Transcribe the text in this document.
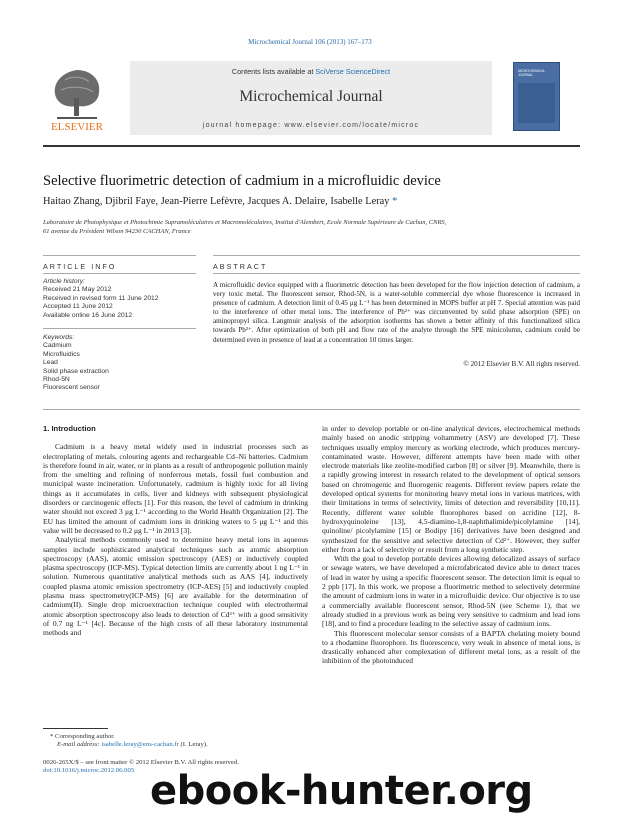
Microchemical Journal 106 (2013) 167–173
ELSEVIER
Contents lists available at SciVerse ScienceDirect
Microchemical Journal
journal homepage: www.elsevier.com/locate/microc
MICROCHEMICAL JOURNAL
Selective fluorimetric detection of cadmium in a microfluidic device
Haitao Zhang, Djibril Faye, Jean-Pierre Lefèvre, Jacques A. Delaire, Isabelle Leray *
Laboratoire de Photophysique et Photochimie Supramoléculaires et Macromoléculaires, Institut d'Alembert, Ecole Normale Supérieure de Cachan, CNRS,
61 avenue du Président Wilson 94230 CACHAN, France
ARTICLE INFO
Article history:
Received 21 May 2012
Received in revised form 11 June 2012
Accepted 11 June 2012
Available online 16 June 2012
Keywords:
Cadmium
Microfluidics
Lead
Solid phase extraction
Rhod-5N
Fluorescent sensor
ABSTRACT
A microfluidic device equipped with a fluorimetric detection has been developed for the flow injection detection of cadmium, a very toxic metal. The fluorescent sensor, Rhod-5N, is a water-soluble commercial dye whose fluorescence is increased in presence of cadmium. A detection limit of 0.45 μg L⁻¹ has been determined in MOPS buffer at pH 7. Special attention was paid to the interference of other metal ions. The interference of Pb²⁺ was circumvented by solid phase adsorption (SPE) on aminopropyl silica. Langmuir analysis of the adsorption isotherms has shown a better affinity of this functionalized silica towards Pb²⁺. After optimization of both pH and flow rate of the analyte through the SPE minicolumn, cadmium could be determined even in presence of lead at a concentration 10 times larger.
© 2012 Elsevier B.V. All rights reserved.
1. Introduction

Cadmium is a heavy metal widely used in industrial processes such as electroplating of metals, colouring agents and rechargeable Cd–Ni batteries. Cadmium is therefore found in air, water, or in plants as a result of anthropogenic pollution mainly from the smelting and refining of nonferrous metals, fossil fuel combustion and municipal waste incineration. Unfortunately, cadmium is highly toxic for all living things as it accumulates in cells, liver and kidneys with subsequent physiological disorders or carcinogenic effects [1]. For this reason, the level of cadmium in drinking water should not exceed 3 μg L⁻¹ according to the World Health Organization [2]. The EU has limited the amount of cadmium ions in drinking waters to 5 μg L⁻¹ and this value will be decreased to 0.2 μg L⁻¹ in 2013 [3].

Analytical methods commonly used to determine heavy metal ions in aqueous samples include sophisticated analytical techniques such as atomic absorption spectroscopy (AAS), atomic emission spectroscopy (AES) or inductively coupled plasma spectroscopy (ICP-MS). Typical detection limits are currently about 1 ng L⁻¹ in solution. Numerous quantitative analytical methods such as AAS [4], inductively coupled plasma atomic emission spectrometry (ICP-AES) [5] and inductively coupled plasma mass spectrometry(ICP-MS) [6] are available for the determination of cadmium(II). Single drop microextraction technique coupled with electrothermal atomic absorption spectroscopy also leads to detection of Cd²⁺ with a good sensitivity of 0.7 ng L⁻¹ [4c]. Because of the high costs of all these laboratory instrumental methods and

in order to develop portable or on-line analytical devices, electrochemical methods mainly based on anodic stripping voltammetry (ASV) are developed [7]. These techniques usually employ mercury as working electrode, which produces mercury-contaminated waste. However, different attempts have been made with other electrode materials like zeolite-modified carbon [8] or silver [9]. Meanwhile, there is a rapidly growing interest in research related to the development of optical sensors based on chromogenic and fluorogenic reagents. Different review papers relate the developed optical systems for monitoring heavy metal ions in various matrices, with their limitations in terms of selectivity, limits of detection and reversibility [10,11]. Recently, different water soluble fluorophores based on acridine [12], 8-hydroxyquinoleine [13], 4,5-diamino-1,8-naphthalimide/picolylamine [14], quinoline/ picolylamine [15] or Bodipy [16] derivatives have been designed and synthesized for the sensitive and selective detection of Cd²⁺. However, they suffer either from a lack of selectivity or result from a long synthetic step.

With the goal to develop portable devices allowing delocalized assays of surface or sewage waters, we have developed a microfabricated device able to detect traces of lead in water by using a specific fluorescent sensor. The detection limit is equal to 2 ppb [17]. In this work, we propose a fluorimetric method to selectively determine the amount of cadmium ions in water in a microfluidic device. Our objective is to use a commercially available fluorescent sensor, Rhod-5N (see Scheme 1), that we already studied in a previous work as being very sensitive to cadmium and lead ions [18], and to find a procedure leading to the selective assay of cadmium ions.

This fluorescent molecular sensor consists of a BAPTA chelating moiety bound to a rhodamine fluorophore. Its fluorescence, very weak in absence of metal ions, is drastically enhanced after complexation of different metal ions, as a result of the inhibition of the photoinduced

* Corresponding author.
E-mail address: isabelle.leray@ens-cachan.fr (I. Leray).
0026-265X/$ – see front matter © 2012 Elsevier B.V. All rights reserved.
doi:10.1016/j.microc.2012.06.005 ebook-hunter.org
